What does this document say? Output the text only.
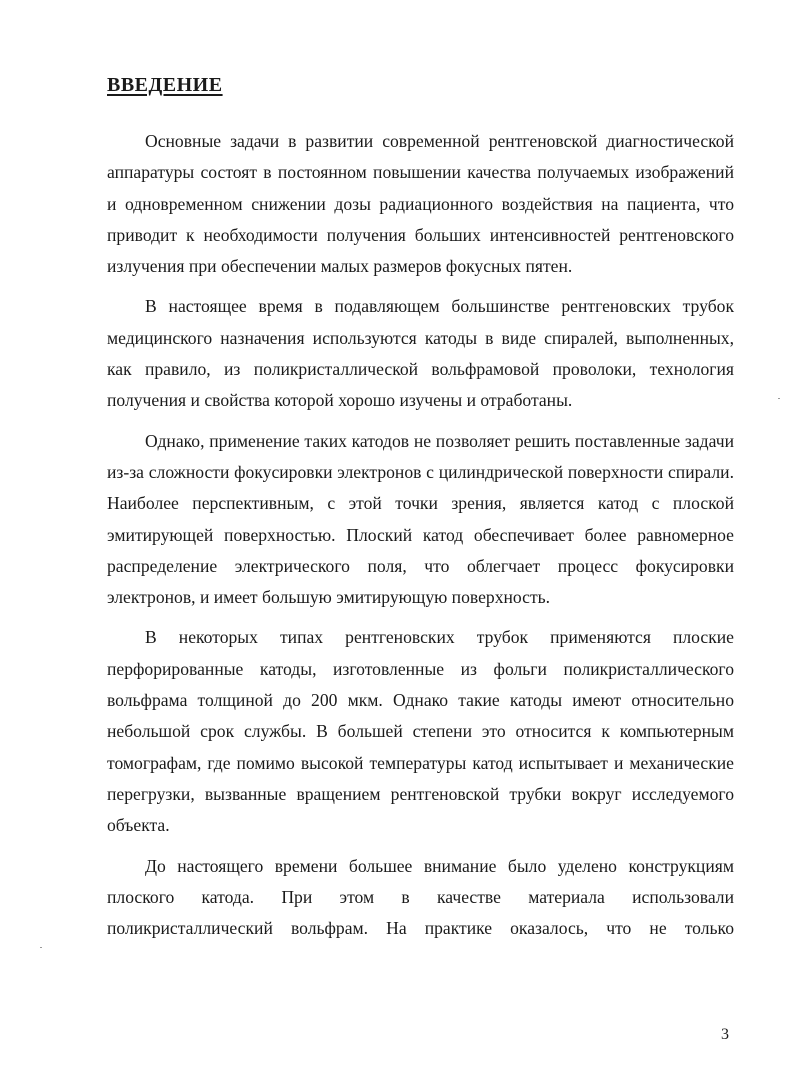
ВВЕДЕНИЕ

Основные задачи в развитии современной рентгеновской диагностической аппаратуры состоят в постоянном повышении качества получаемых изображений и одновременном снижении дозы радиационного воздействия на пациента, что приводит к необходимости получения больших интенсивностей рентгеновского излучения при обеспечении малых размеров фокусных пятен.

В настоящее время в подавляющем большинстве рентгеновских трубок медицинского назначения используются катоды в виде спиралей, выполненных, как правило, из поликристаллической вольфрамовой проволоки, технология получения и свойства которой хорошо изучены и отработаны.

Однако, применение таких катодов не позволяет решить поставленные задачи из-за сложности фокусировки электронов с цилиндрической поверхности спирали. Наиболее перспективным, с этой точки зрения, является катод с плоской эмитирующей поверхностью. Плоский катод обеспечивает более равномерное распределение электрического поля, что облегчает процесс фокусировки электронов, и имеет большую эмитирующую поверхность.

В некоторых типах рентгеновских трубок применяются плоские перфорированные катоды, изготовленные из фольги поликристаллического вольфрама толщиной до 200 мкм. Однако такие катоды имеют относительно небольшой срок службы. В большей степени это относится к компьютерным томографам, где помимо высокой температуры катод испытывает и механические перегрузки, вызванные вращением рентгеновской трубки вокруг исследуемого объекта.

До настоящего времени большее внимание было уделено конструкциям плоского катода. При этом в качестве материала использовали поликристаллический вольфрам. На практике оказалось, что не только

3
